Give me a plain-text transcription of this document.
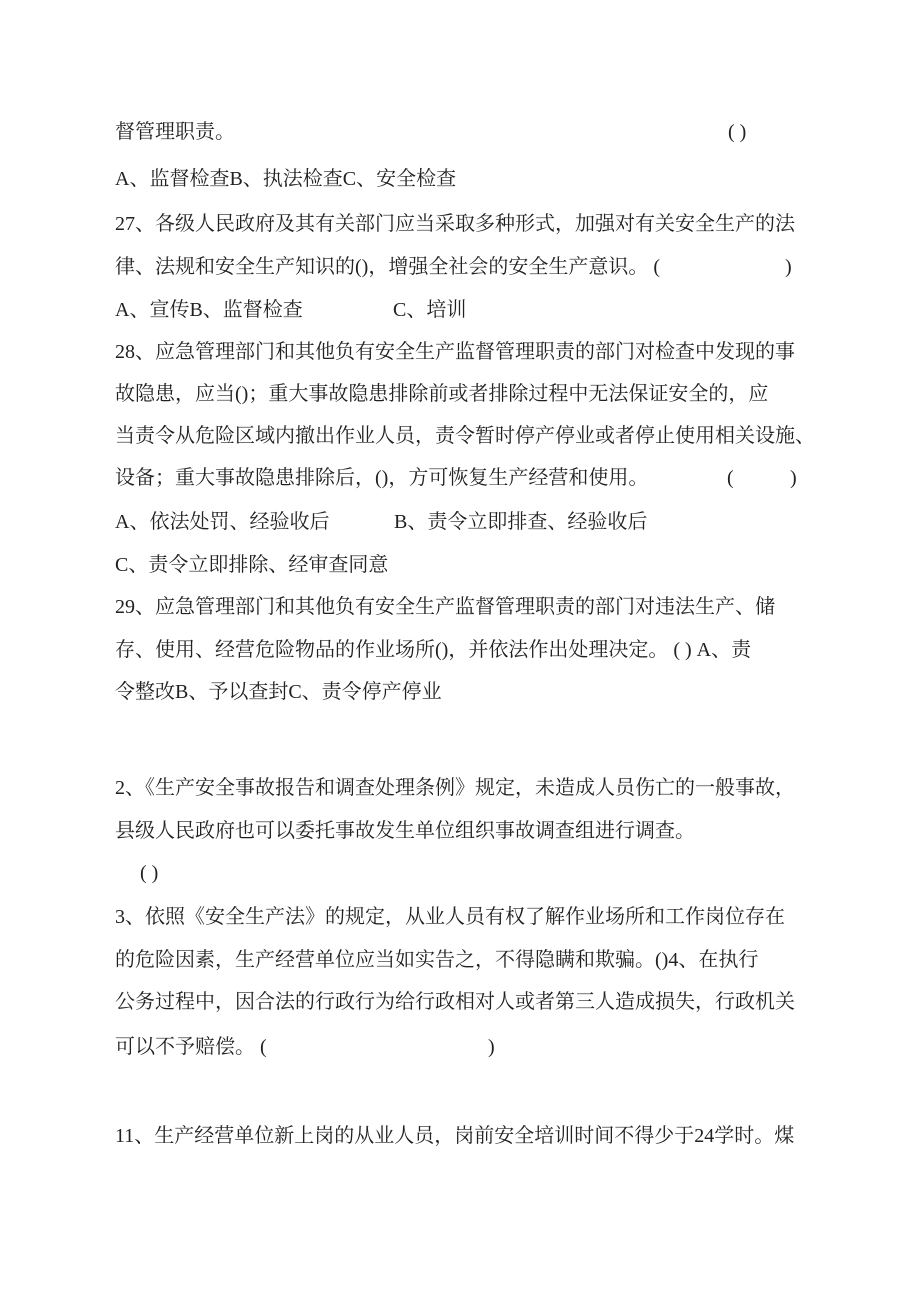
督管理职责。	( )
A、监督检查B、执法检查C、安全检查
27、各级人民政府及其有关部门应当采取多种形式，加强对有关安全生产的法
律、法规和安全生产知识的()，增强全社会的安全生产意识。 (	)
A、宣传B、监督检查	C、培训
28、应急管理部门和其他负有安全生产监督管理职责的部门对检查中发现的事
故隐患，应当()；重大事故隐患排除前或者排除过程中无法保证安全的，应
当责令从危险区域内撤出作业人员，责令暂时停产停业或者停止使用相关设施、
设备；重大事故隐患排除后，()，方可恢复生产经营和使用。	(	)
A、依法处罚、经验收后	B、责令立即排查、经验收后
C、责令立即排除、经审查同意
29、应急管理部门和其他负有安全生产监督管理职责的部门对违法生产、储
存、使用、经营危险物品的作业场所()，并依法作出处理决定。 ( ) A、责
令整改B、予以查封C、责令停产停业
2、《生产安全事故报告和调查处理条例》规定，未造成人员伤亡的一般事故，
县级人民政府也可以委托事故发生单位组织事故调查组进行调查。
( )
3、依照《安全生产法》的规定，从业人员有权了解作业场所和工作岗位存在
的危险因素，生产经营单位应当如实告之，不得隐瞒和欺骗。()4、在执行
公务过程中，因合法的行政行为给行政相对人或者第三人造成损失，行政机关
可以不予赔偿。 (	)
11、生产经营单位新上岗的从业人员，岗前安全培训时间不得少于24学时。煤
